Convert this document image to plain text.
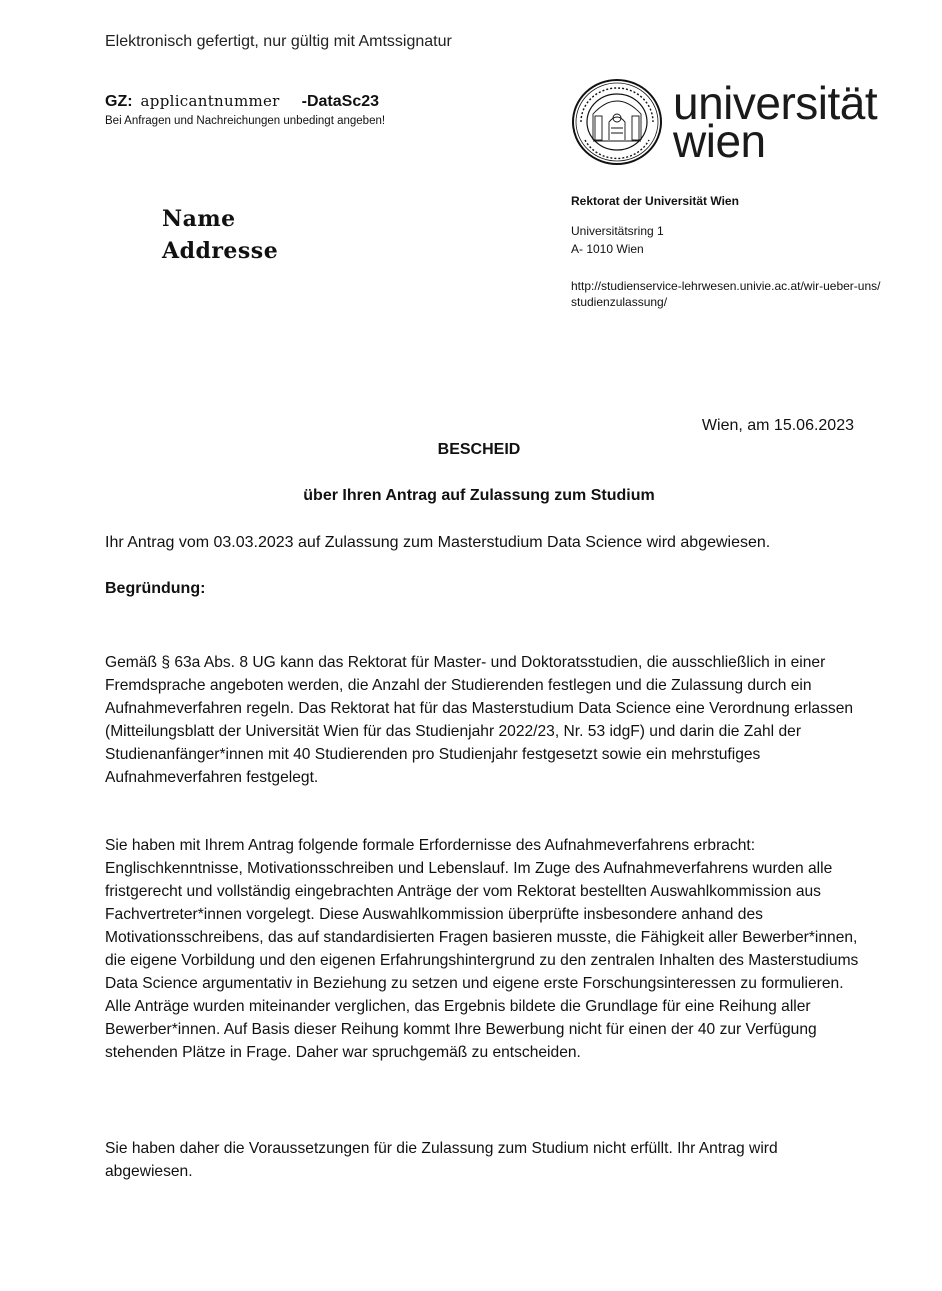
Elektronisch gefertigt, nur gültig mit Amtssignatur
GZ: applicantnummer -DataSc23
Bei Anfragen und Nachreichungen unbedingt angeben!
Name
Addresse
universität
wien
Rektorat der Universität Wien
Universitätsring 1
A- 1010 Wien
http://studienservice-lehrwesen.univie.ac.at/wir-ueber-uns/ studienzulassung/
Wien, am 15.06.2023
BESCHEID
über Ihren Antrag auf Zulassung zum Studium
Ihr Antrag vom 03.03.2023 auf Zulassung zum Masterstudium Data Science wird abgewiesen.
Begründung:
Gemäß § 63a Abs. 8 UG kann das Rektorat für Master- und Doktoratsstudien, die ausschließlich in einer Fremdsprache angeboten werden, die Anzahl der Studierenden festlegen und die Zulassung durch ein Aufnahmeverfahren regeln. Das Rektorat hat für das Masterstudium Data Science eine Verordnung erlassen (Mitteilungsblatt der Universität Wien für das Studienjahr 2022/23, Nr. 53 idgF) und darin die Zahl der Studienanfänger*innen mit 40 Studierenden pro Studienjahr festgesetzt sowie ein mehrstufiges Aufnahmeverfahren festgelegt.
Sie haben mit Ihrem Antrag folgende formale Erfordernisse des Aufnahmeverfahrens erbracht: Englischkenntnisse, Motivationsschreiben und Lebenslauf. Im Zuge des Aufnahmeverfahrens wurden alle fristgerecht und vollständig eingebrachten Anträge der vom Rektorat bestellten Auswahlkommission aus Fachvertreter*innen vorgelegt. Diese Auswahlkommission überprüfte insbesondere anhand des Motivationsschreibens, das auf standardisierten Fragen basieren musste, die Fähigkeit aller Bewerber*innen, die eigene Vorbildung und den eigenen Erfahrungshintergrund zu den zentralen Inhalten des Masterstudiums Data Science argumentativ in Beziehung zu setzen und eigene erste Forschungsinteressen zu formulieren. Alle Anträge wurden miteinander verglichen, das Ergebnis bildete die Grundlage für eine Reihung aller Bewerber*innen. Auf Basis dieser Reihung kommt Ihre Bewerbung nicht für einen der 40 zur Verfügung stehenden Plätze in Frage. Daher war spruchgemäß zu entscheiden.
Sie haben daher die Voraussetzungen für die Zulassung zum Studium nicht erfüllt. Ihr Antrag wird abgewiesen.
